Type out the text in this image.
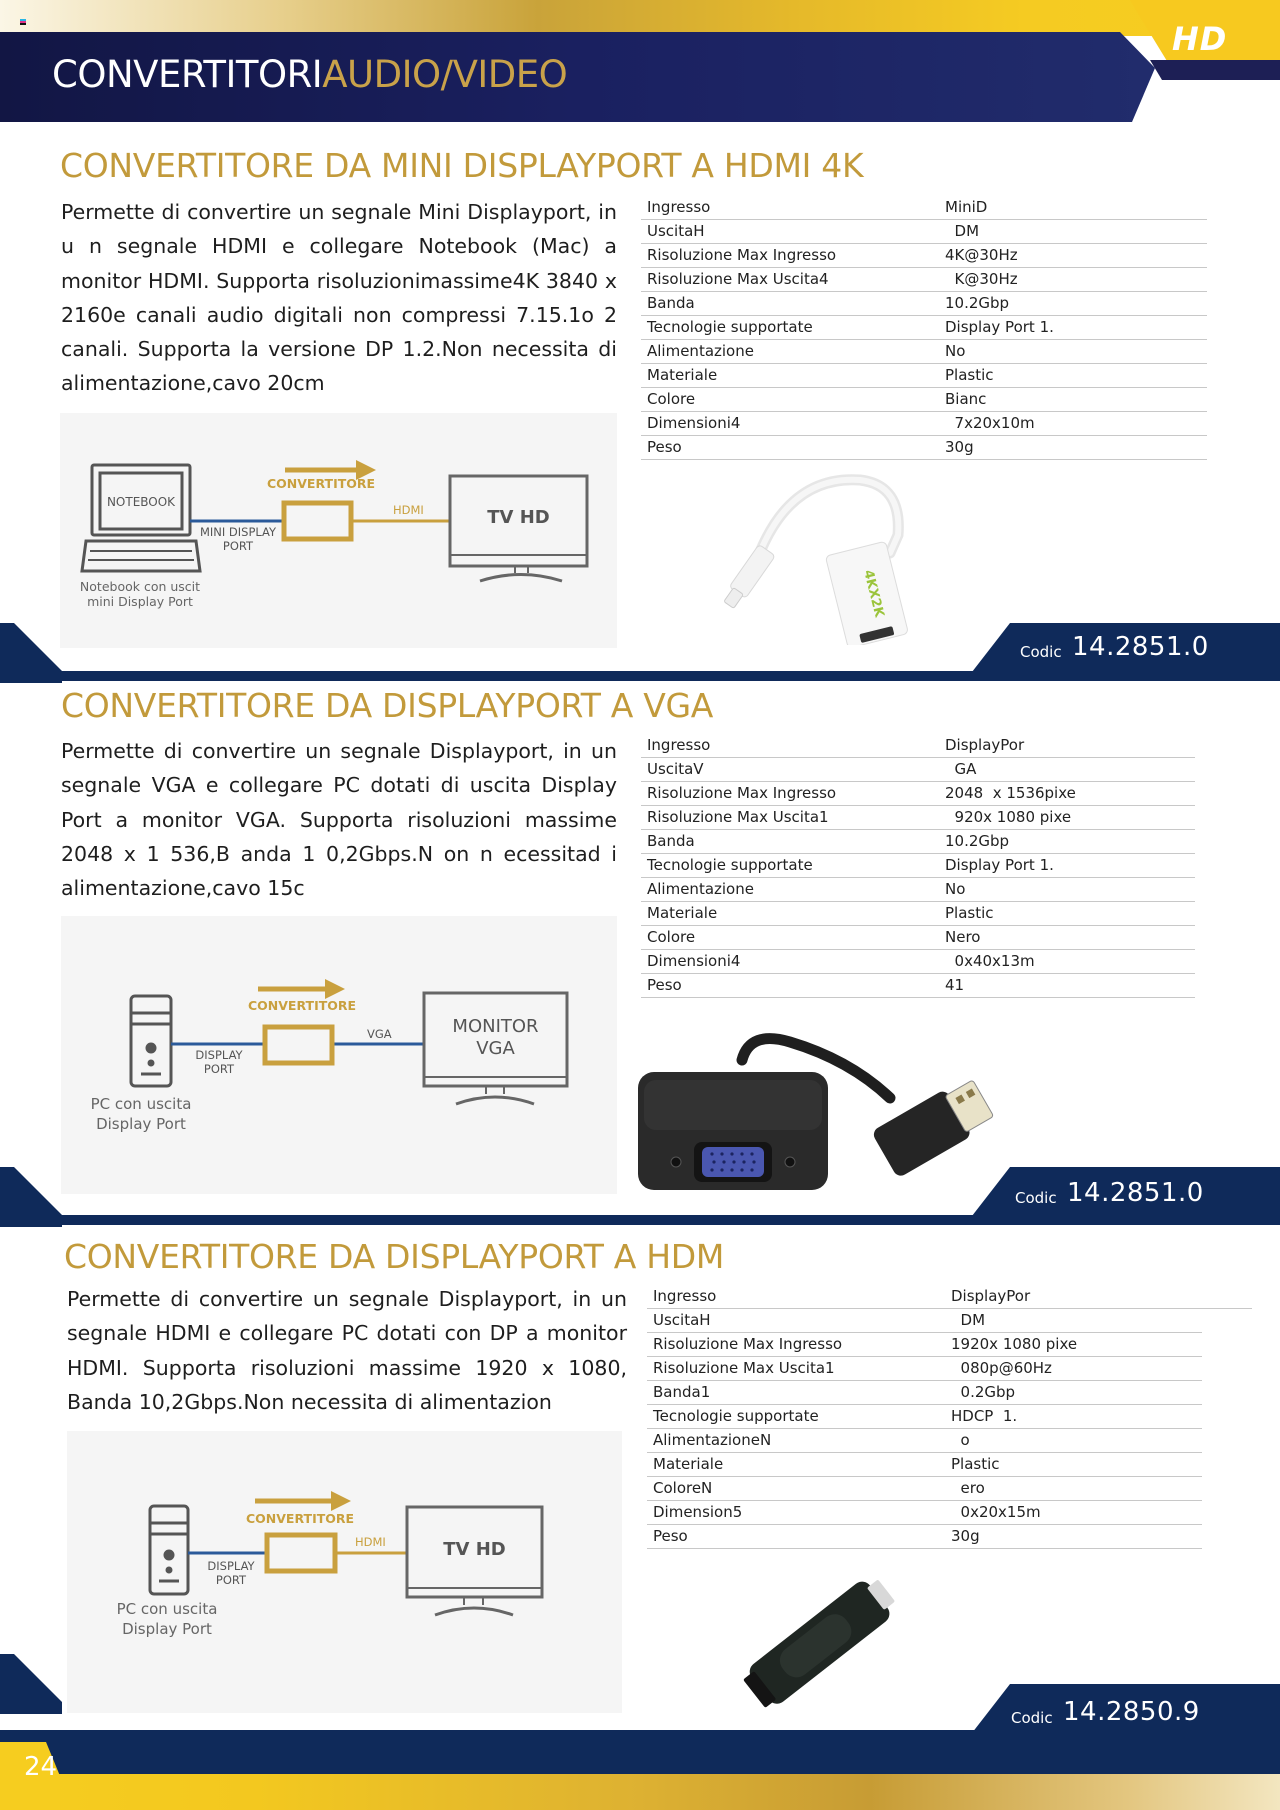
HD
CONVERTITORIAUDIO/VIDEO
CONVERTITORE DA MINI DISPLAYPORT A HDMI 4K
Permette di convertire un segnale Mini Displayport, in u n segnale HDMI e collegare Notebook (Mac) a monitor HDMI. Supporta risoluzionimassime4K 3840 x 2160e canali audio digitali non compressi 7.15.1o 2 canali. Supporta la versione DP 1.2.Non necessita di alimentazione,cavo 20cm
Ingresso	MiniD
UscitaH	DM
Risoluzione Max Ingresso	4K@30Hz
Risoluzione Max Uscita4	K@30Hz
Banda	10.2Gbp
Tecnologie supportate	Display Port 1.
Alimentazione	No
Materiale	Plastic
Colore	Bianc
Dimensioni4	7x20x10m
Peso	30g
NOTEBOOK
MINI DISPLAY
PORT
CONVERTITORE
HDMI	TV HD
Notebook con uscit
mini Display Port	4KX2K
Codic 14.2851.0
CONVERTITORE DA DISPLAYPORT A VGA
Permette di convertire un segnale Displayport, in un segnale VGA e collegare PC dotati di uscita Display Port a monitor VGA. Supporta risoluzioni massime 2048 x 1 536,B anda 1 0,2Gbps.N on n ecessitad i alimentazione,cavo 15c
Ingresso	DisplayPor
UscitaV	GA
Risoluzione Max Ingresso	2048  x 1536pixe
Risoluzione Max Uscita1	920x 1080 pixe
Banda	10.2Gbp
Tecnologie supportate	Display Port 1.
Alimentazione	No
Materiale	Plastic
Colore	Nero
Dimensioni4	0x40x13m
Peso	41
DISPLAY
PORT
CONVERTITORE
VGA	MONITOR
VGA
PC con uscita
Display Port
Codic 14.2851.0
CONVERTITORE DA DISPLAYPORT A HDM
Permette di convertire un segnale Displayport, in un segnale HDMI e collegare PC dotati con DP a monitor HDMI. Supporta risoluzioni massime 1920 x 1080, Banda 10,2Gbps.Non necessita di alimentazion
Ingresso	DisplayPor
UscitaH	DM
Risoluzione Max Ingresso	1920x 1080 pixe
Risoluzione Max Uscita1	080p@60Hz
Banda1	0.2Gbp
Tecnologie supportate	HDCP  1.
AlimentazioneN	o
Materiale	Plastic
ColoreN	ero
Dimension5	0x20x15m
Peso	30g
DISPLAY
PORT
CONVERTITORE
HDMI	TV HD
PC con uscita
Display Port
Codic 14.2850.9
24
